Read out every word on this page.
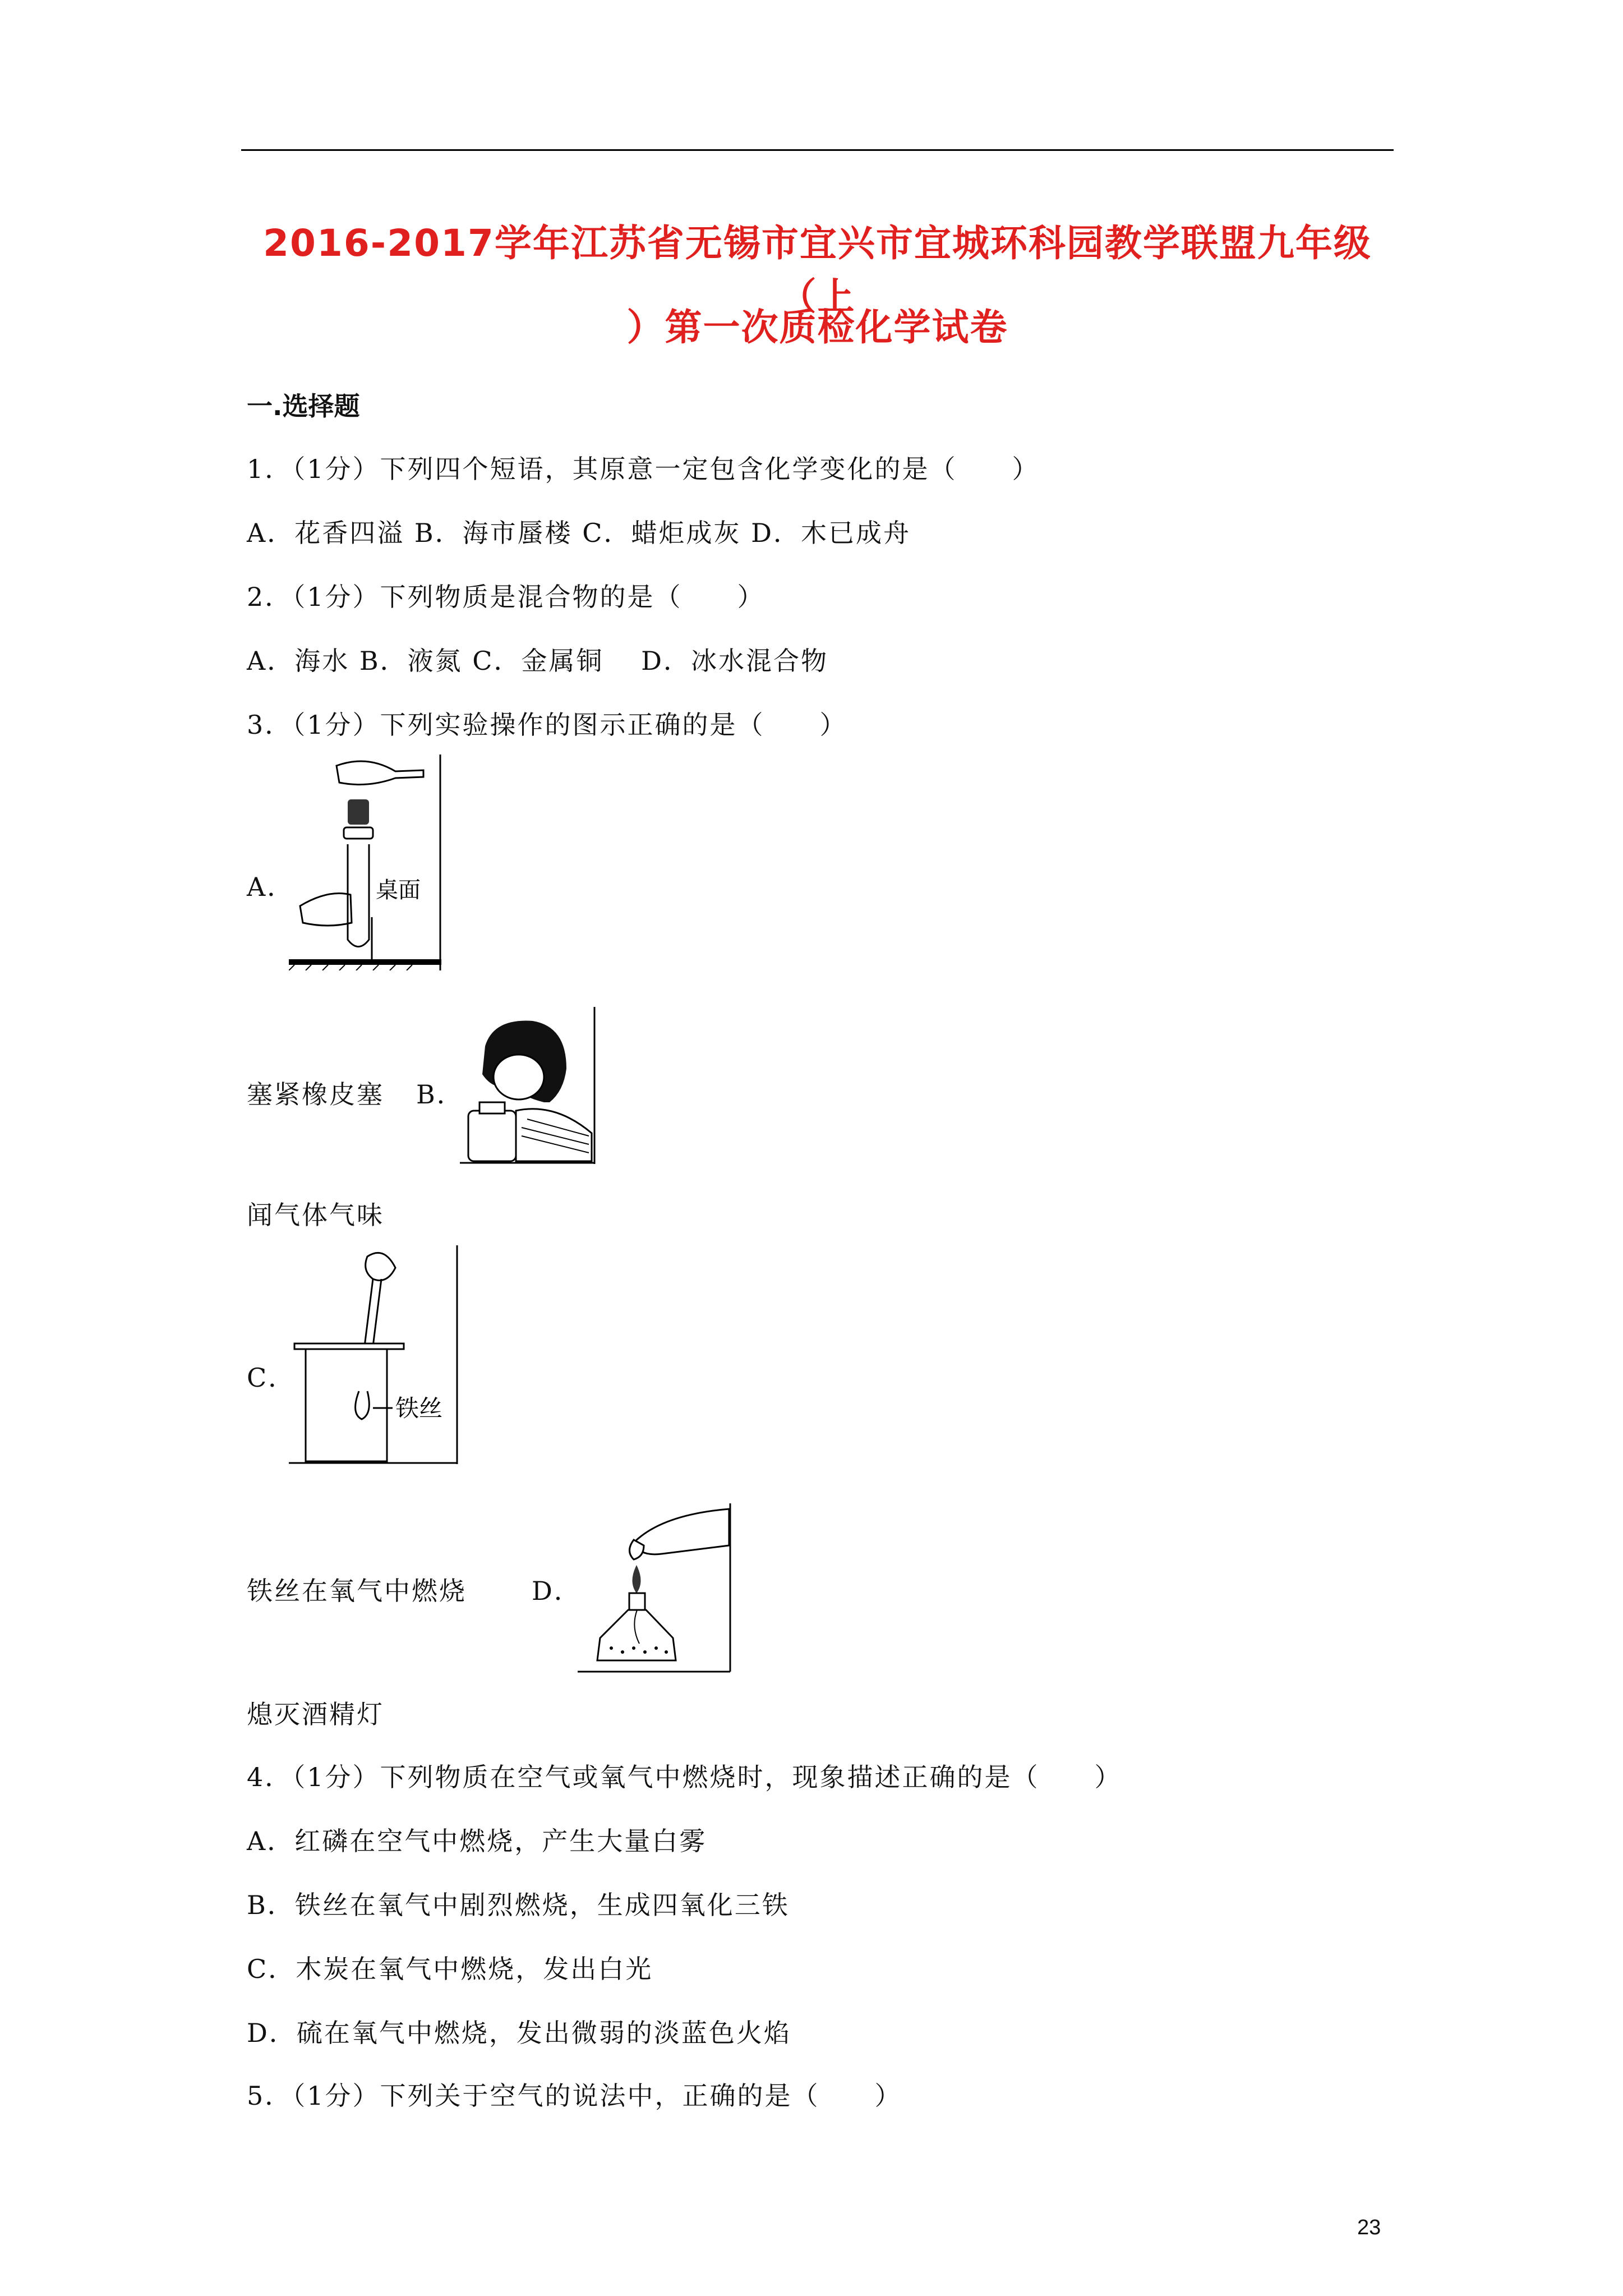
2016-2017学年江苏省无锡市宜兴市宜城环科园教学联盟九年级（上
）第一次质检化学试卷
一.选择题
1．（1分）下列四个短语，其原意一定包含化学变化的是（　　）
A．花香四溢 B．海市蜃楼 C．蜡炬成灰 D．木已成舟
2．（1分）下列物质是混合物的是（　　）
A．海水 B．液氮 C．金属铜　 D．冰水混合物
3．（1分）下列实验操作的图示正确的是（　　）
A．	桌面
塞紧橡皮塞 B．
闻气体气味
C．
铁丝
铁丝在氧气中燃烧	D．
熄灭酒精灯
4．（1分）下列物质在空气或氧气中燃烧时，现象描述正确的是（　　）
A．红磷在空气中燃烧，产生大量白雾
B．铁丝在氧气中剧烈燃烧，生成四氧化三铁
C．木炭在氧气中燃烧，发出白光
D．硫在氧气中燃烧，发出微弱的淡蓝色火焰
5．（1分）下列关于空气的说法中，正确的是（　　）
23
